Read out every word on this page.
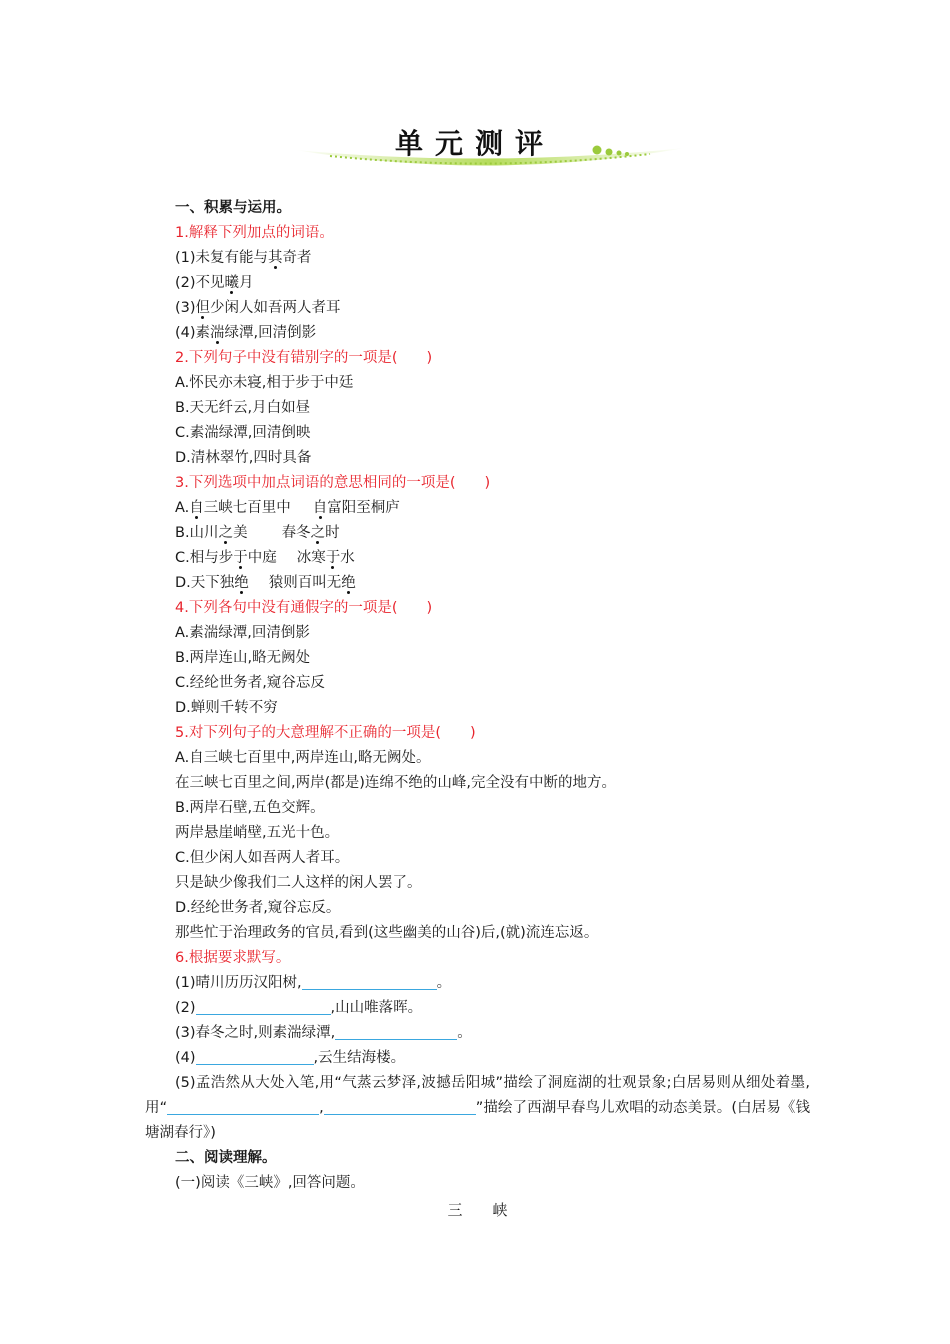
单元测评
一、积累与运用。
1.解释下列加点的词语。
(1)未复有能与其奇者
(2)不见曦月
(3)但少闲人如吾两人者耳
(4)素湍绿潭,回清倒影
2.下列句子中没有错别字的一项是(　　)
A.怀民亦未寝,相于步于中廷
B.天无纤云,月白如昼
C.素湍绿潭,回清倒映
D.清林翠竹,四时具备
3.下列选项中加点词语的意思相同的一项是(　　)
A.自三峡七百里中 自富阳至桐庐
B.山川之美 春冬之时
C.相与步于中庭 冰寒于水
D.天下独绝 猿则百叫无绝
4.下列各句中没有通假字的一项是(　　)
A.素湍绿潭,回清倒影
B.两岸连山,略无阙处
C.经纶世务者,窥谷忘反
D.蝉则千转不穷
5.对下列句子的大意理解不正确的一项是(　　)
A.自三峡七百里中,两岸连山,略无阙处。
在三峡七百里之间,两岸(都是)连绵不绝的山峰,完全没有中断的地方。
B.两岸石壁,五色交辉。
两岸悬崖峭壁,五光十色。
C.但少闲人如吾两人者耳。
只是缺少像我们二人这样的闲人罢了。
D.经纶世务者,窥谷忘反。
那些忙于治理政务的官员,看到(这些幽美的山谷)后,(就)流连忘返。
6.根据要求默写。
(1)晴川历历汉阳树,	。
(2)	,山山唯落晖。
(3)春冬之时,则素湍绿潭,	。
(4)	,云生结海楼。
(5)孟浩然从大处入笔,用“气蒸云梦泽,波撼岳阳城”描绘了洞庭湖的壮观景象;白居易则从细处着墨,用“	,	”描绘了西湖早春鸟儿欢唱的动态美景。(白居易《钱塘湖春行》)
二、阅读理解。
(一)阅读《三峡》,回答问题。
三　　峡
